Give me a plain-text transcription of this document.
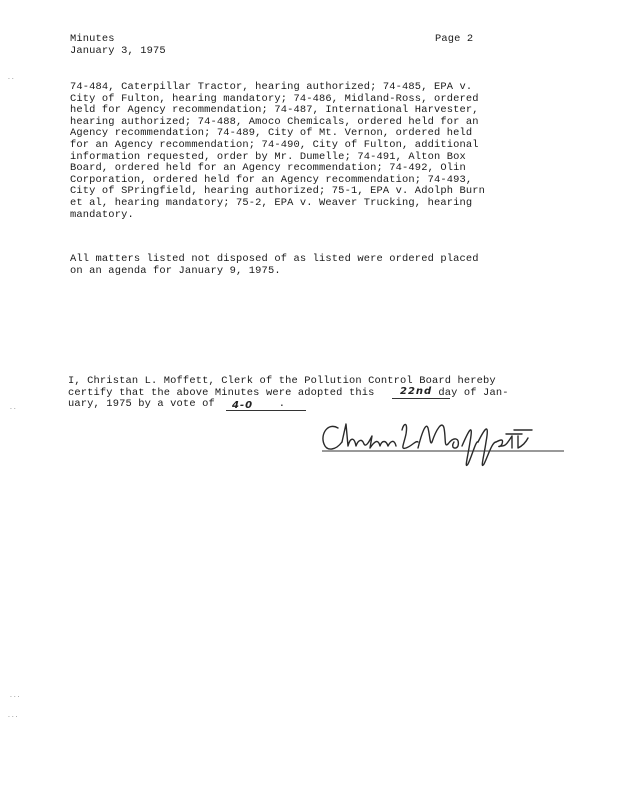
Minutes
January 3, 1975
Page 2
74-484, Caterpillar Tractor, hearing authorized; 74-485, EPA v.
City of Fulton, hearing mandatory; 74-486, Midland-Ross, ordered
held for Agency recommendation; 74-487, International Harvester,
hearing authorized; 74-488, Amoco Chemicals, ordered held for an
Agency recommendation; 74-489, City of Mt. Vernon, ordered held
for an Agency recommendation; 74-490, City of Fulton, additional
information requested, order by Mr. Dumelle; 74-491, Alton Box
Board, ordered held for an Agency recommendation; 74-492, Olin
Corporation, ordered held for an Agency recommendation; 74-493,
City of SPringfield, hearing authorized; 75-1, EPA v. Adolph Burn
et al, hearing mandatory; 75-2, EPA v. Weaver Trucking, hearing
mandatory.
All matters listed not disposed of as listed were ordered placed
on an agenda for January 9, 1975.
I, Christan L. Moffett, Clerk of the Pollution Control Board hereby
certify that the above Minutes were adopted this	day of Jan-
uary, 1975 by a vote of	.
22nd
4-0
· ·
· ·
· · ·
· · ·
